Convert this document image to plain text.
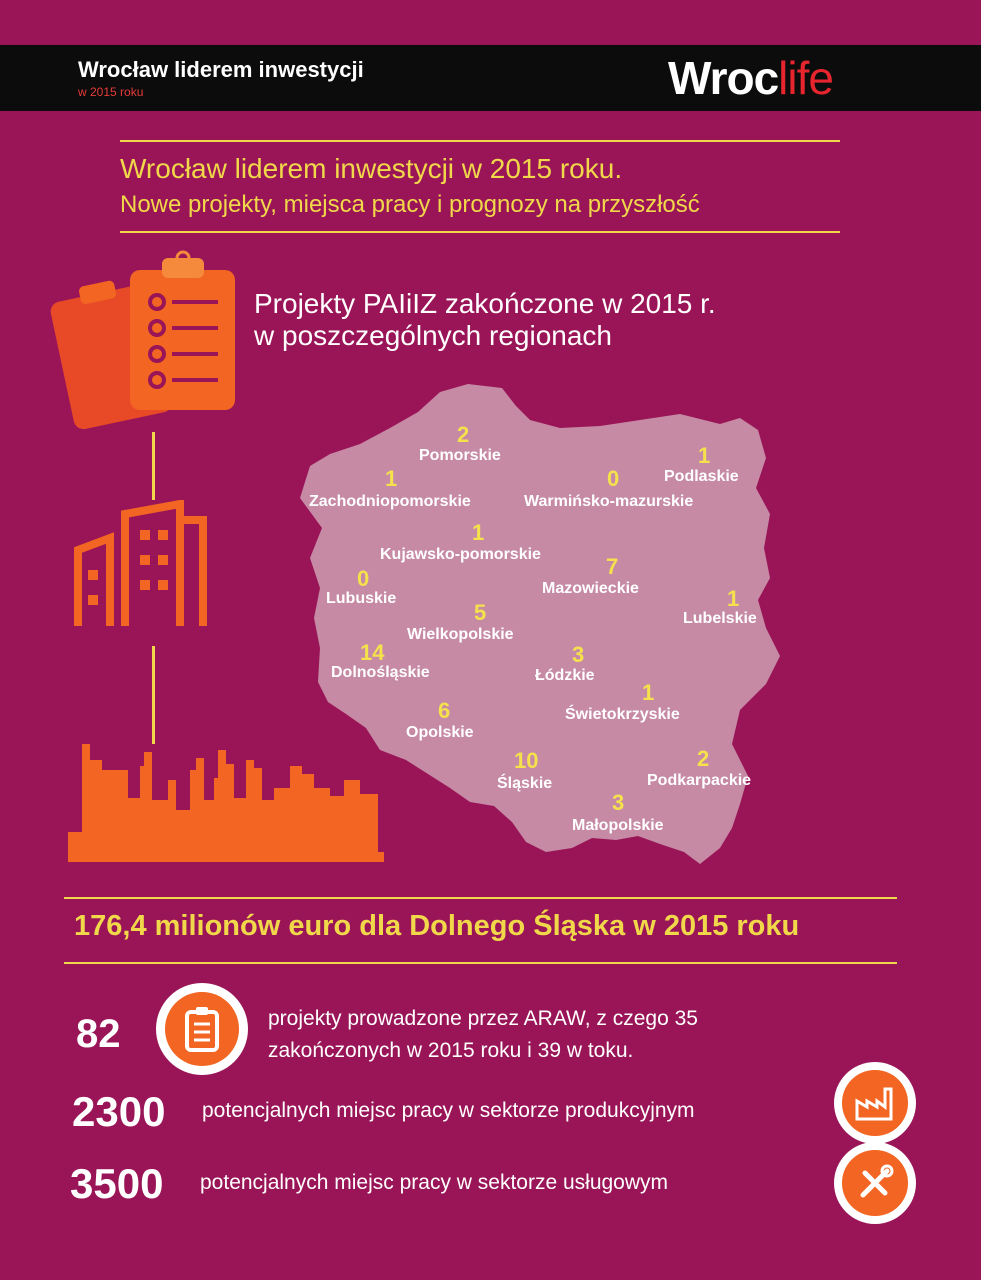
Wrocław liderem inwestycji
w 2015 roku	Wroclife
Wrocław liderem inwestycji w 2015 roku.
Nowe projekty, miejsca pracy i prognozy na przyszłość
Projekty PAIiIZ zakończone w 2015 r.
w poszczególnych regionach
2
Pomorskie	1
Podlaskie
1
Zachodniopomorskie
0
Warmińsko-mazurskie
1
Kujawsko-pomorskie	7
Mazowieckie
0
Lubuskie
5
Wielkopolskie
1
Lubelskie
14
Dolnośląskie
3
Łódzkie
1
Świetokrzyskie
6
Opolskie
10
Śląskie
2
Podkarpackie
3
Małopolskie
176,4 milionów euro dla Dolnego Śląska w 2015 roku
82	projekty prowadzone przez ARAW, z czego 35
zakończonych w 2015 roku i 39 w toku.
2300 potencjalnych miejsc pracy w sektorze produkcyjnym
3500 potencjalnych miejsc pracy w sektorze usługowym
